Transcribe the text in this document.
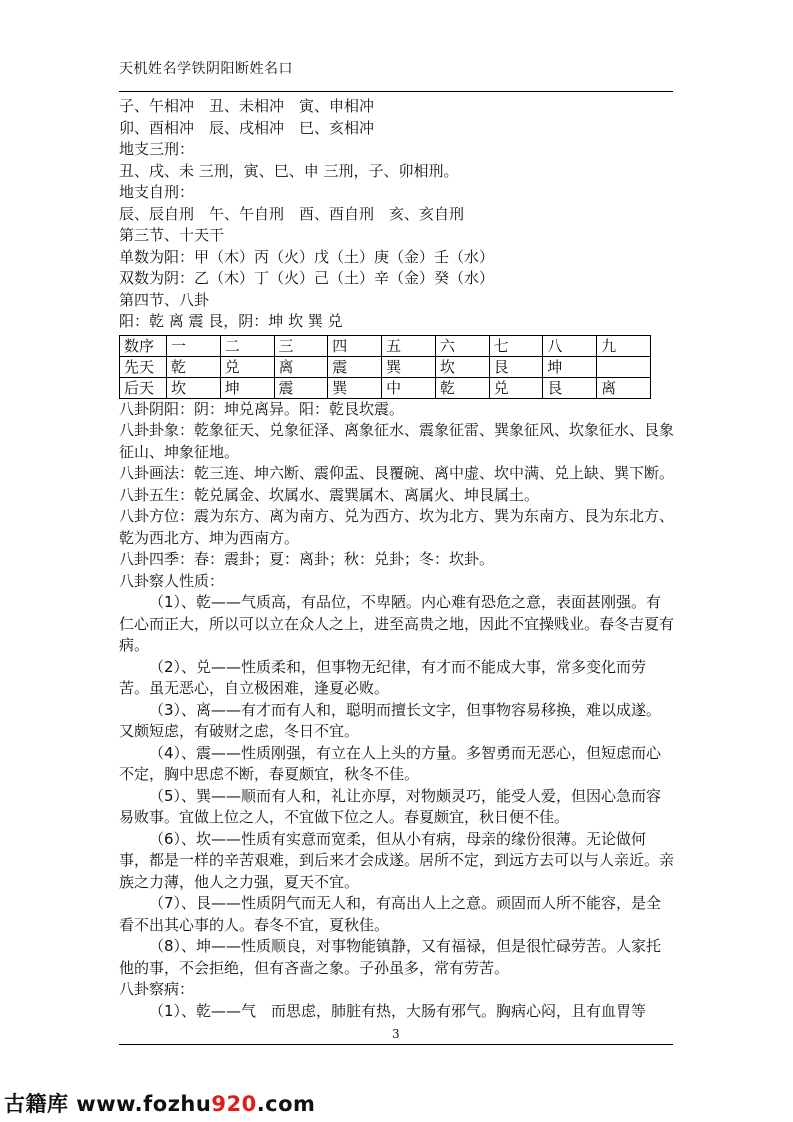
天机姓名学铁阴阳断姓名口

子、午相冲　丑、未相冲　寅、申相冲

卯、酉相冲　辰、戌相冲　巳、亥相冲

地支三刑：

丑、戌、未 三刑，寅、巳、申 三刑，子、卯相刑。

地支自刑：

辰、辰自刑　午、午自刑　酉、酉自刑　亥、亥自刑

第三节、十天干

单数为阳：甲（木）丙（火）戊（土）庚（金）壬（水）

双数为阴：乙（木）丁（火）己（土）辛（金）癸（水）

第四节、八卦

阳：乾 离 震 艮，阴：坤 坎 巽 兑

数序	一	二	三	四	五	六	七	八	九
先天	乾	兑	离	震	巽	坎	艮	坤	
后天	坎	坤	震	巽	中	乾	兑	艮	离

八卦阴阳：阴：坤兑离异。阳：乾艮坎震。

八卦卦象：乾象征天、兑象征泽、离象征水、震象征雷、巽象征风、坎象征水、艮象征山、坤象征地。

八卦画法：乾三连、坤六断、震仰盂、艮覆碗、离中虚、坎中满、兑上缺、巽下断。

八卦五生：乾兑属金、坎属水、震巽属木、离属火、坤艮属土。

八卦方位：震为东方、离为南方、兑为西方、坎为北方、巽为东南方、艮为东北方、乾为西北方、坤为西南方。

八卦四季：春：震卦；夏：离卦；秋：兑卦；冬：坎卦。

八卦察人性质：

（1）、乾——气质高，有品位，不卑陋。内心难有恐危之意，表面甚刚强。有仁心而正大，所以可以立在众人之上，进至高贵之地，因此不宜操贱业。春冬吉夏有病。

（2）、兑——性质柔和，但事物无纪律，有才而不能成大事，常多变化而劳苦。虽无恶心，自立极困难，逢夏必败。

（3）、离——有才而有人和，聪明而擅长文字，但事物容易移换，难以成遂。又颇短虑，有破财之虑，冬日不宜。

（4）、震——性质刚强，有立在人上头的方量。多智勇而无恶心，但短虑而心不定，胸中思虑不断，春夏颇宜，秋冬不佳。

（5）、巽——顺而有人和，礼让亦厚，对物颇灵巧，能受人爱，但因心急而容易败事。宜做上位之人，不宜做下位之人。春夏颇宜，秋日便不佳。

（6）、坎——性质有实意而宽柔，但从小有病，母亲的缘份很薄。无论做何事，都是一样的辛苦艰难，到后来才会成遂。居所不定，到远方去可以与人亲近。亲族之力薄，他人之力强，夏天不宜。

（7）、艮——性质阴气而无人和，有高出人上之意。顽固而人所不能容，是全看不出其心事的人。春冬不宜，夏秋佳。

（8）、坤——性质顺良，对事物能镇静，又有福禄，但是很忙碌劳苦。人家托他的事，不会拒绝，但有吝啬之象。子孙虽多，常有劳苦。

八卦察病：

（1）、乾——气　而思虑，肺脏有热，大肠有邪气。胸病心闷，且有血胃等

3
古籍库 www.fozhu920.com
